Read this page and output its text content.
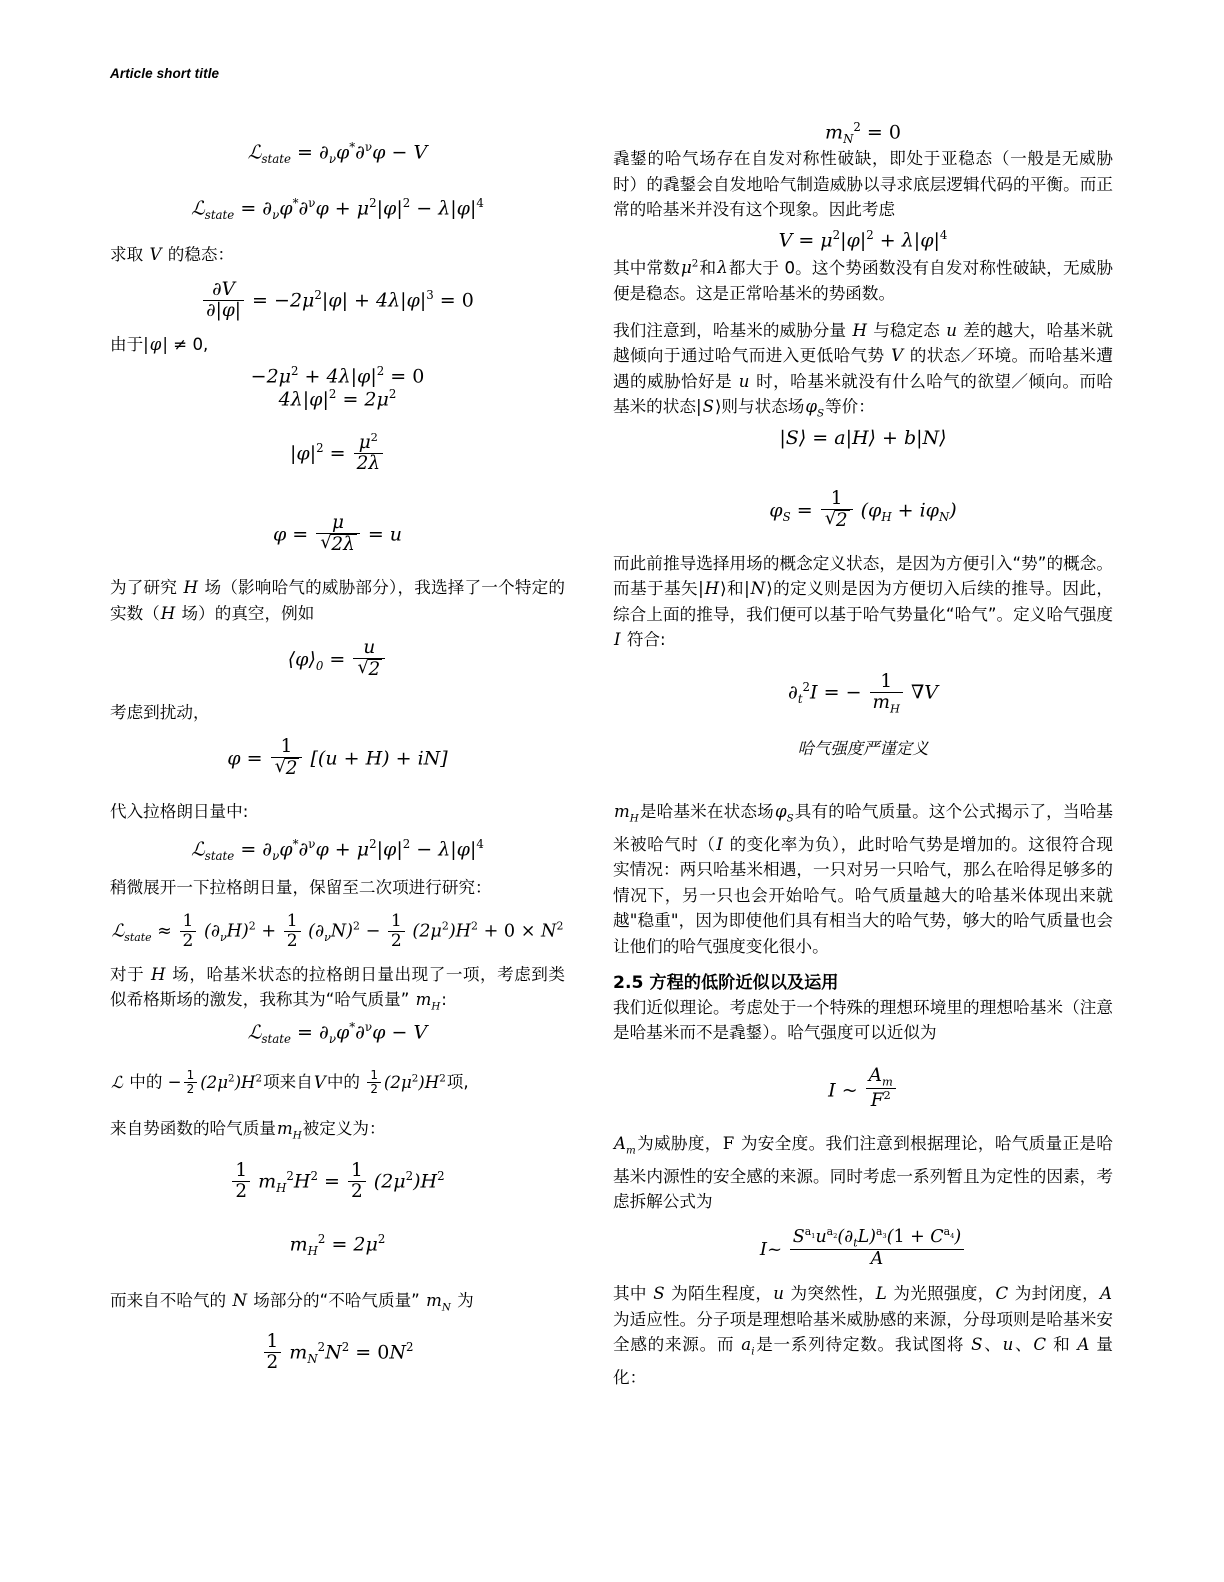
Article short title
ℒ$_{state}$ = $\partial_\nu\varphi^*\partial^\nu\varphi - V$
ℒ$_{state}$ = $\partial_\nu\varphi^*\partial^\nu\varphi + \mu^2|\varphi|^2 - \lambda|\varphi|^4$

求取 V 的稳态：

$\frac{\partial V}{\partial|\varphi|} = -2\mu^2|\varphi| + 4\lambda|\varphi|^3 = 0$

由于|φ| ≠ 0,

$-2\mu^2 + 4\lambda|\varphi|^2 = 0$
$4\lambda|\varphi|^2 = 2\mu^2$
$|\varphi|^2 = \frac{\mu^2}{2\lambda}$
φ = μ
√ 2λ = u

为了研究 H 场（影响哈气的威胁部分），我选择了一个特定的实数（H 场）的真空，例如

$⟨\varphi⟩_0 = u$
√ 2

考虑到扰动，

φ = 1
√ 2 [(u + H) + iN]

代入拉格朗日量中:

ℒ$_{state}$ = $\partial_\nu\varphi^*\partial^\nu\varphi + \mu^2|\varphi|^2 - \lambda|\varphi|^4$

稍微展开一下拉格朗日量，保留至二次项进行研究：

ℒ$_{state}$ ≈ $\frac{1}{2} (\partial_\nu H)^2 + \frac{1}{2} (\partial_\nu N)^2 - \frac{1}{2} (2\mu^2)H^2 + 0 \times N^2$

对于 H 场，哈基米状态的拉格朗日量出现了一项，考虑到类似希格斯场的激发，我称其为“哈气质量” $m_H$:

ℒ$_{state}$ = $\partial_\nu\varphi^*\partial^\nu\varphi - V$

ℒ 中的 − $\frac{1}{2} (2\mu^2)H^2$项来自V中的 $\frac{1}{2} (2\mu^2)H^2$项,

来自势函数的哈气质量$m_H$被定义为：

$\frac{1}{2} m_H^2H^2 = \frac{1}{2} (2\mu^2)H^2$
$m_H^2 = 2\mu^2$

而来自不哈气的 N 场部分的“不哈气质量” $m_N$ 为

$\frac{1}{2} m_N^2N^2 = 0N^2$
$m_N^2 = 0$

毳鋬的哈气场存在自发对称性破缺，即处于亚稳态（一般是无威胁时）的毳鋬会自发地哈气制造威胁以寻求底层逻辑代码的平衡。而正常的哈基米并没有这个现象。因此考虑

$V = \mu^2|\varphi|^2 + \lambda|\varphi|^4$

其中常数$\mu^2$和λ都大于 0。这个势函数没有自发对称性破缺，无威胁便是稳态。这是正常哈基米的势函数。

我们注意到，哈基米的威胁分量 H 与稳定态 u 差的越大，哈基米就越倾向于通过哈气而进入更低哈气势 V 的状态／环境。而哈基米遭遇的威胁恰好是 u 时，哈基米就没有什么哈气的欲望／倾向。而哈基米的状态|S⟩则与状态场$\varphi_S$等价：

|S⟩ = a|H⟩ + b|N⟩
$\varphi_S = 1$
√ 2 $(\varphi_H + i\varphi_N)$

而此前推导选择用场的概念定义状态，是因为方便引入“势”的概念。而基于基矢|H⟩和|N⟩的定义则是因为方便切入后续的推导。因此，综合上面的推导，我们便可以基于哈气势量化“哈气”。定义哈气强度 I 符合:

$\partial_t^2I$ = − $\frac{1}{m_H} \nabla V$
哈气强度严谨定义

$m_H$是哈基米在状态场$\varphi_S$具有的哈气质量。这个公式揭示了，当哈基米被哈气时（I 的变化率为负），此时哈气势是增加的。这很符合现实情况：两只哈基米相遇，一只对另一只哈气，那么在哈得足够多的情况下，另一只也会开始哈气。哈气质量越大的哈基米体现出来就越"稳重"，因为即使他们具有相当大的哈气势，够大的哈气质量也会让他们的哈气强度变化很小。

2.5 方程的低阶近似以及运用

我们近似理论。考虑处于一个特殊的理想环境里的理想哈基米（注意是哈基米而不是毳鋬）。哈气强度可以近似为

I ~ $\frac{A_m}{F^2}$

$A_m$为威胁度，F 为安全度。我们注意到根据理论，哈气质量正是哈基米内源性的安全感的来源。同时考虑一系列暂且为定性的因素，考虑拆解公式为

I~ $\frac{S^{a_1}u^{a_2}(\partial_tL)^{a_3}(1 + C^{a_4})}{A}$

其中 S 为陌生程度，u 为突然性，L 为光照强度，C 为封闭度，A 为适应性。分子项是理想哈基米威胁感的来源，分母项则是哈基米安全感的来源。而 $a_i$是一系列待定数。我试图将 S、u、C 和 A 量化：
